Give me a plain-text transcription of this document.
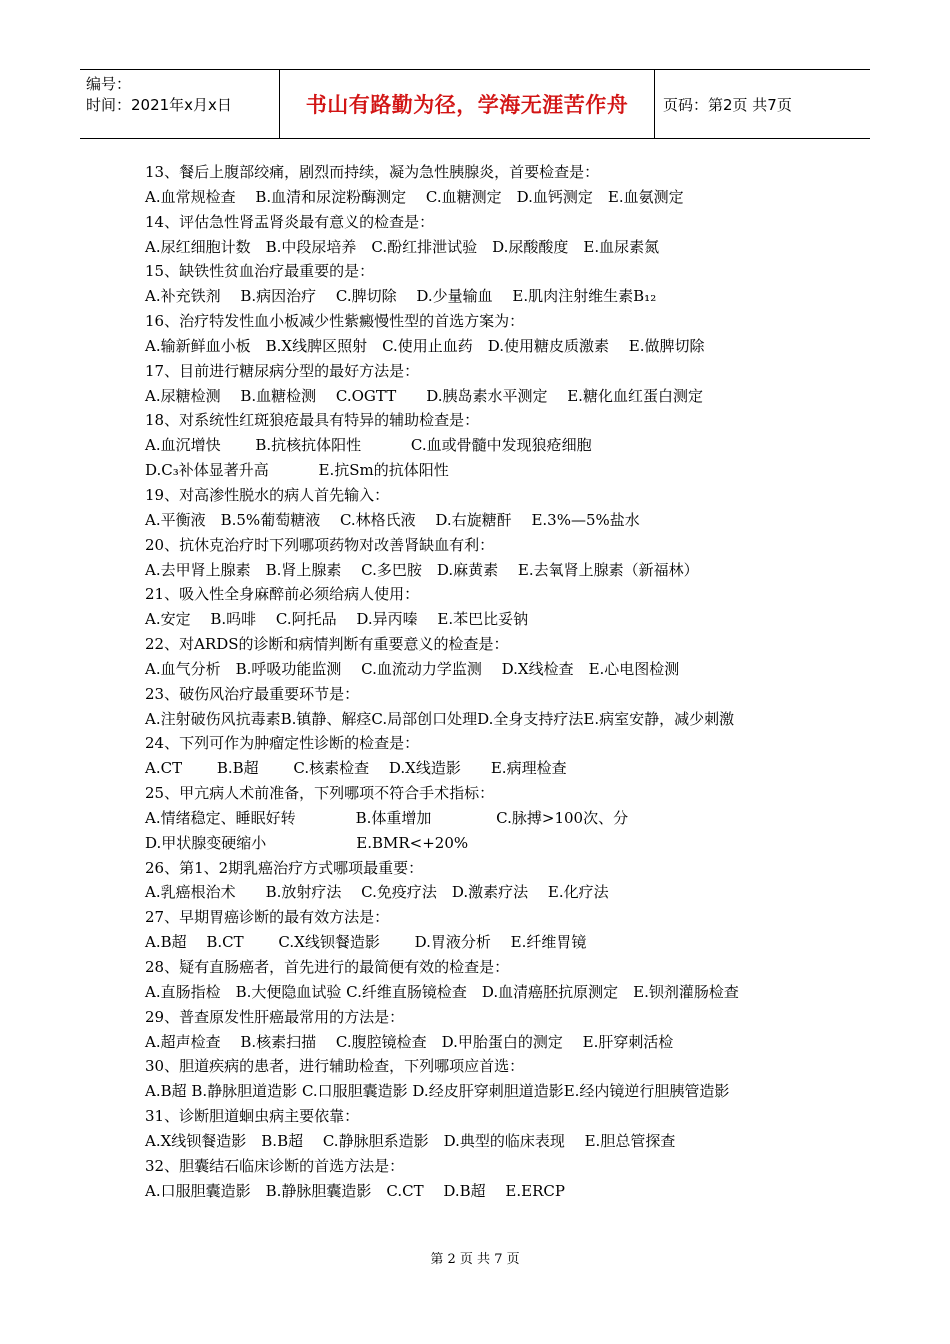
编号：
时间：2021年x月x日	书山有路勤为径，学海无涯苦作舟 页码：第2页 共7页
13、餐后上腹部绞痛，剧烈而持续，凝为急性胰腺炎，首要检查是：
A.血常规检查　 B.血清和尿淀粉酶测定　 C.血糖测定　D.血钙测定　E.血氨测定
14、评估急性肾盂肾炎最有意义的检查是：
A.尿红细胞计数　B.中段尿培养　C.酚红排泄试验　D.尿酸酸度　E.血尿素氮
15、缺铁性贫血治疗最重要的是：
A.补充铁剂　 B.病因治疗　 C.脾切除　 D.少量输血　 E.肌肉注射维生素B₁₂
16、治疗特发性血小板减少性紫癜慢性型的首选方案为：
A.输新鲜血小板　B.X线脾区照射　C.使用止血药　D.使用糖皮质激素　 E.做脾切除
17、目前进行糖尿病分型的最好方法是：
A.尿糖检测　 B.血糖检测　 C.OGTT　　D.胰岛素水平测定　 E.糖化血红蛋白测定
18、对系统性红斑狼疮最具有特异的辅助检查是：
A.血沉增快　　 B.抗核抗体阳性　　　 C.血或骨髓中发现狼疮细胞
D.C₃补体显著升高　　　 E.抗Sm的抗体阳性
19、对高渗性脱水的病人首先输入：
A.平衡液　B.5%葡萄糖液　 C.林格氏液　 D.右旋糖酐　 E.3%—5%盐水
20、抗休克治疗时下列哪项药物对改善肾缺血有利：
A.去甲肾上腺素　B.肾上腺素　 C.多巴胺　D.麻黄素　 E.去氧肾上腺素（新福林）
21、吸入性全身麻醉前必须给病人使用：
A.安定　 B.吗啡　 C.阿托品　 D.异丙嗪　 E.苯巴比妥钠
22、对ARDS的诊断和病情判断有重要意义的检查是：
A.血气分析　B.呼吸功能监测　 C.血流动力学监测　 D.X线检查　E.心电图检测
23、破伤风治疗最重要环节是：
A.注射破伤风抗毒素B.镇静、解痉C.局部创口处理D.全身支持疗法E.病室安静，减少刺激
24、下列可作为肿瘤定性诊断的检查是：
A.CT　　 B.B超　　 C.核素检查　 D.X线造影　　E.病理检查
25、甲亢病人术前准备，下列哪项不符合手术指标：
A.情绪稳定、睡眠好转　　　　B.体重增加　　　　 C.脉搏>100次、分
D.甲状腺变硬缩小　　　　　　E.BMR<+20%
26、第1、2期乳癌治疗方式哪项最重要：
A.乳癌根治术　　B.放射疗法　 C.免疫疗法　D.激素疗法　 E.化疗法
27、早期胃癌诊断的最有效方法是：
A.B超　 B.CT　　 C.X线钡餐造影　　 D.胃液分析　 E.纤维胃镜
28、疑有直肠癌者，首先进行的最简便有效的检查是：
A.直肠指检　B.大便隐血试验 C.纤维直肠镜检查　D.血清癌胚抗原测定　E.钡剂灌肠检查
29、普查原发性肝癌最常用的方法是：
A.超声检查　 B.核素扫描　 C.腹腔镜检查　D.甲胎蛋白的测定　 E.肝穿刺活检
30、胆道疾病的患者，进行辅助检查，下列哪项应首选：
A.B超 B.静脉胆道造影 C.口服胆囊造影 D.经皮肝穿刺胆道造影E.经内镜逆行胆胰管造影
31、诊断胆道蛔虫病主要依靠：
A.X线钡餐造影　B.B超　 C.静脉胆系造影　D.典型的临床表现　 E.胆总管探查
32、胆囊结石临床诊断的首选方法是：
A.口服胆囊造影　B.静脉胆囊造影　C.CT　 D.B超　 E.ERCP
第 2 页 共 7 页
